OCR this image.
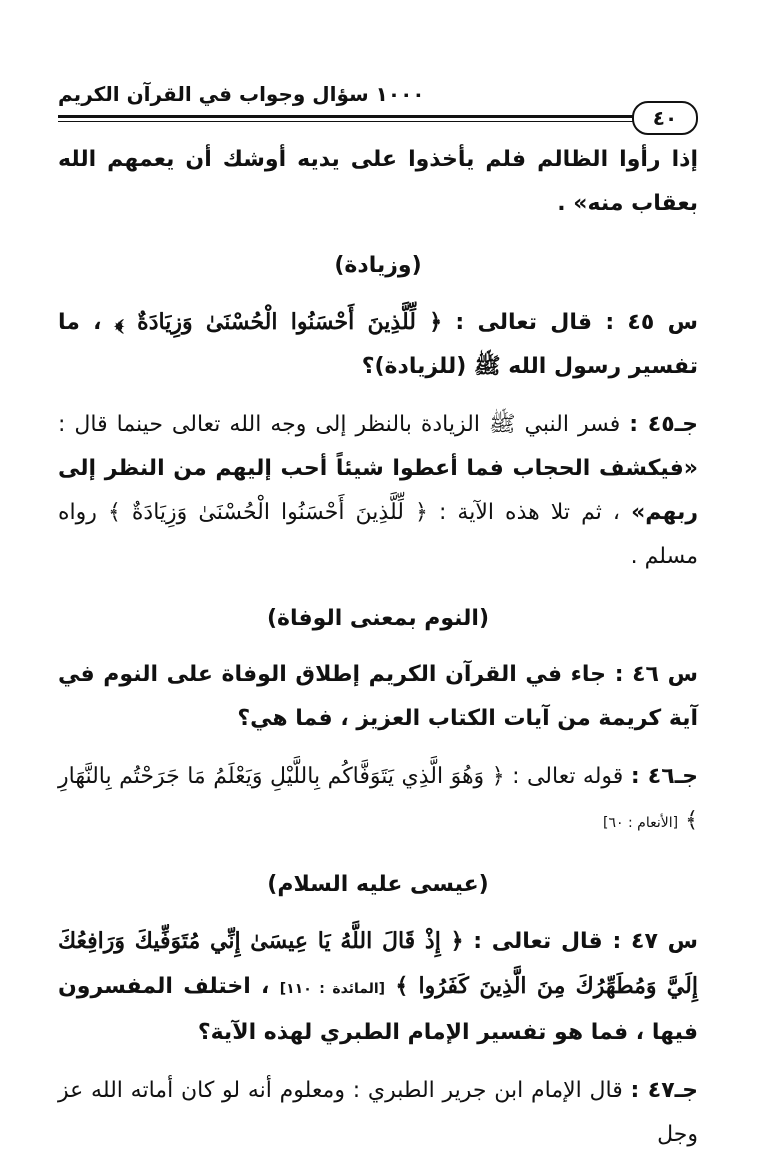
١٠٠٠ سؤال وجواب في القرآن الكريم
٤٠

إذا رأوا الظالم فلم يأخذوا على يديه أوشك أن يعمهم الله بعقاب منه» .

(وزيادة)

س ٤٥ : قال تعالى : ﴿ لِّلَّذِينَ أَحْسَنُوا الْحُسْنَىٰ وَزِيَادَةٌ ﴾ ، ما تفسير رسول الله ﷺ (للزيادة)؟

جـ٤٥ : فسر النبي ﷺ الزيادة بالنظر إلى وجه الله تعالى حينما قال : «فيكشف الحجاب فما أعطوا شيئاً أحب إليهم من النظر إلى ربهم» ، ثم تلا هذه الآية : ﴿ لِّلَّذِينَ أَحْسَنُوا الْحُسْنَىٰ وَزِيَادَةٌ ﴾ رواه مسلم .

(النوم بمعنى الوفاة)

س ٤٦ : جاء في القرآن الكريم إطلاق الوفاة على النوم في آية كريمة من آيات الكتاب العزيز ، فما هي؟

جـ٤٦ : قوله تعالى : ﴿ وَهُوَ الَّذِي يَتَوَفَّاكُم بِاللَّيْلِ وَيَعْلَمُ مَا جَرَحْتُم بِالنَّهَارِ ﴾ [الأنعام : ٦٠]

(عيسى عليه السلام)

س ٤٧ : قال تعالى : ﴿ إِذْ قَالَ اللَّهُ يَا عِيسَىٰ إِنِّي مُتَوَفِّيكَ وَرَافِعُكَ إِلَيَّ وَمُطَهِّرُكَ مِنَ الَّذِينَ كَفَرُوا ﴾ [المائدة : ١١٠] ، اختلف المفسرون فيها ، فما هو تفسير الإمام الطبري لهذه الآية؟

جـ٤٧ : قال الإمام ابن جرير الطبري : ومعلوم أنه لو كان أماته الله عز وجل
